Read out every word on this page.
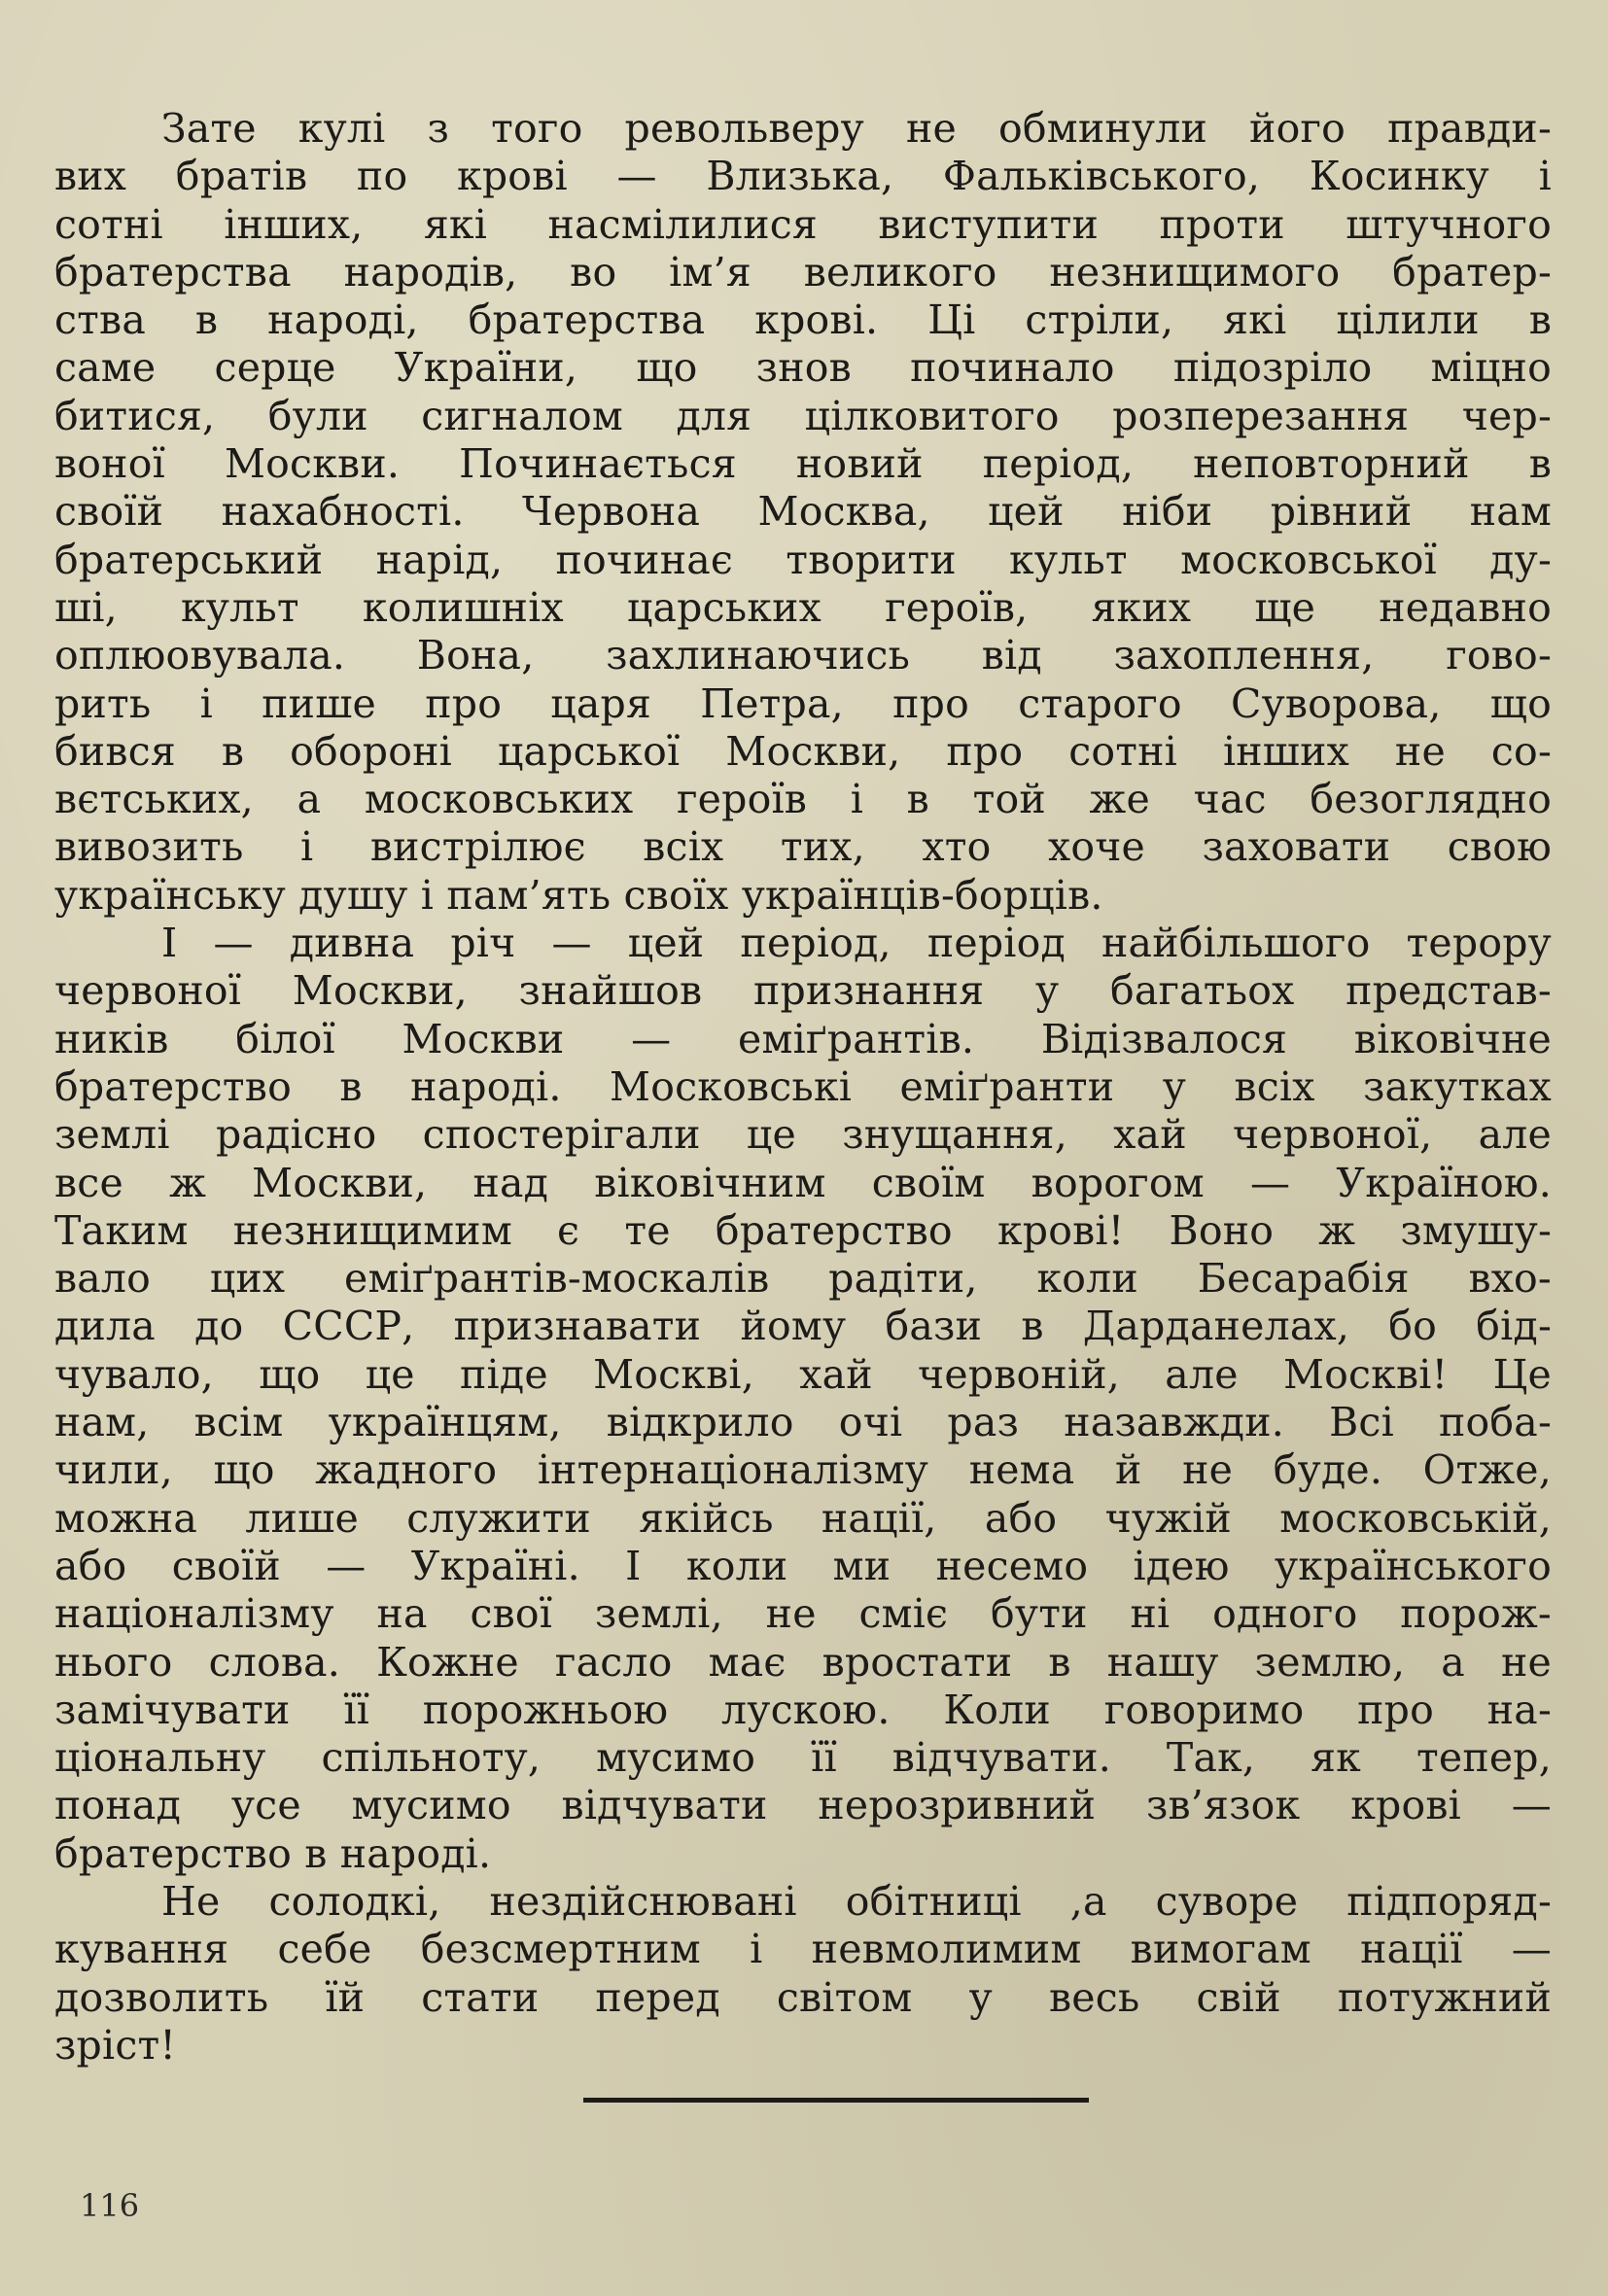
Зате кулі з того револьверу не обминули його правди-
вих братів по крові — Влизька, Фальківського, Косинку і
сотні інших, які насмілилися виступити проти штучного
братерства народів, во ім’я великого незнищимого братер-
ства в народі, братерства крові. Ці стріли, які цілили в
саме серце України, що знов починало підозріло міцно
битися, були сигналом для цілковитого розперезання чер-
воної Москви. Починається новий період, неповторний в
своїй нахабності. Червона Москва, цей ніби рівний нам
братерський нарід, починає творити культ московської ду-
ші, культ колишніх царських героїв, яких ще недавно
оплюовувала. Вона, захлинаючись від захоплення, гово-
рить і пише про царя Петра, про старого Суворова, що
бився в обороні царської Москви, про сотні інших не со-
вєтських, а московських героїв і в той же час безоглядно
вивозить і вистрілює всіх тих, хто хоче заховати свою
українську душу і пам’ять своїх українців-борців.
І — дивна річ — цей період, період найбільшого терору
червоної Москви, знайшов признання у багатьох представ-
ників білої Москви — еміґрантів. Відізвалося віковічне
братерство в народі. Московські еміґранти у всіх закутках
землі радісно спостерігали це знущання, хай червоної, але
все ж Москви, над віковічним своїм ворогом — Україною.
Таким незнищимим є те братерство крові! Воно ж змушу-
вало цих еміґрантів-москалів радіти, коли Бесарабія вхо-
дила до СССР, признавати йому бази в Дарданелах, бо бід-
чувало, що це піде Москві, хай червоній, але Москві! Це
нам, всім українцям, відкрило очі раз назавжди. Всі поба-
чили, що жадного інтернаціоналізму нема й не буде. Отже,
можна лише служити якійсь нації, або чужій московській,
або своїй — Україні. І коли ми несемо ідею українського
націоналізму на свої землі, не сміє бути ні одного порож-
нього слова. Кожне гасло має вростати в нашу землю, а не
замічувати її порожньою лускою. Коли говоримо про на-
ціональну спільноту, мусимо її відчувати. Так, як тепер,
понад усе мусимо відчувати нерозривний зв’язок крові —
братерство в народі.
Не солодкі, нездійснювані обітниці ,а суворе підпоряд-
кування себе безсмертним і невмолимим вимогам нації —
дозволить їй стати перед світом у весь свій потужний
зріст!
116
